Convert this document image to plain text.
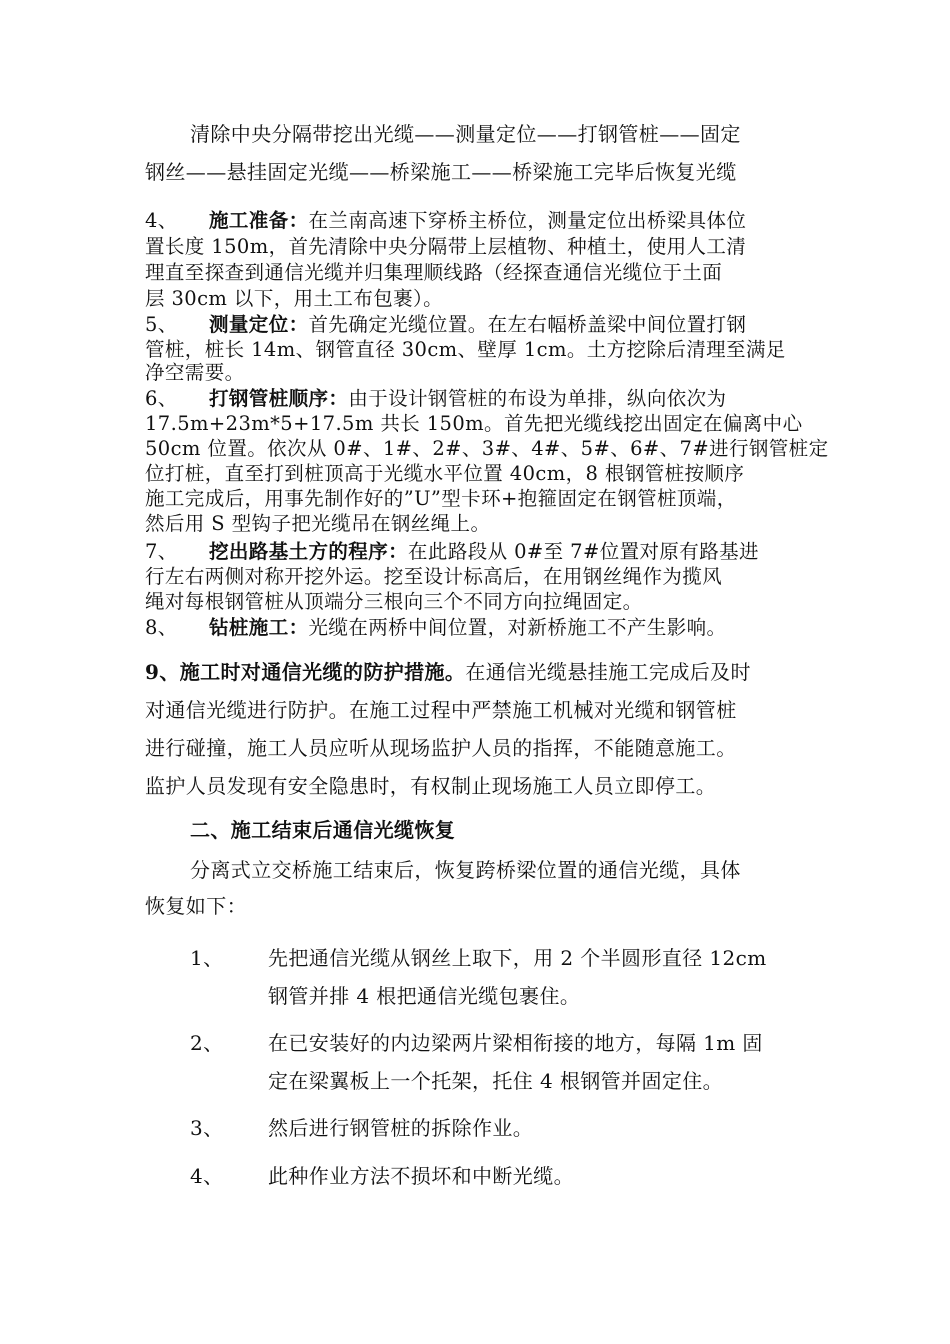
清除中央分隔带挖出光缆——测量定位——打钢管桩——固定
钢丝——悬挂固定光缆——桥梁施工——桥梁施工完毕后恢复光缆
4、 施工准备：在兰南高速下穿桥主桥位，测量定位出桥梁具体位
置长度 150m，首先清除中央分隔带上层植物、种植土，使用人工清
理直至探查到通信光缆并归集理顺线路（经探查通信光缆位于土面
层 30cm 以下，用土工布包裹）。
5、 测量定位：首先确定光缆位置。在左右幅桥盖梁中间位置打钢
管桩，桩长 14m、钢管直径 30cm、壁厚 1cm。土方挖除后清理至满足
净空需要。
6、 打钢管桩顺序：由于设计钢管桩的布设为单排，纵向依次为
17.5m+23m*5+17.5m 共长 150m。首先把光缆线挖出固定在偏离中心
50cm 位置。依次从 0#、1#、2#、3#、4#、5#、6#、7#进行钢管桩定
位打桩，直至打到桩顶高于光缆水平位置 40cm，8 根钢管桩按顺序
施工完成后，用事先制作好的”U”型卡环+抱箍固定在钢管桩顶端，
然后用 S 型钩子把光缆吊在钢丝绳上。
7、 挖出路基土方的程序：在此路段从 0#至 7#位置对原有路基进
行左右两侧对称开挖外运。挖至设计标高后，在用钢丝绳作为揽风
绳对每根钢管桩从顶端分三根向三个不同方向拉绳固定。
8、 钻桩施工：光缆在两桥中间位置，对新桥施工不产生影响。
9、施工时对通信光缆的防护措施。在通信光缆悬挂施工完成后及时
对通信光缆进行防护。在施工过程中严禁施工机械对光缆和钢管桩
进行碰撞，施工人员应听从现场监护人员的指挥，不能随意施工。
监护人员发现有安全隐患时，有权制止现场施工人员立即停工。
二、施工结束后通信光缆恢复
分离式立交桥施工结束后，恢复跨桥梁位置的通信光缆，具体
恢复如下：
1、 先把通信光缆从钢丝上取下，用 2 个半圆形直径 12cm
钢管并排 4 根把通信光缆包裹住。
2、 在已安装好的内边梁两片梁相衔接的地方，每隔 1m 固
定在梁翼板上一个托架，托住 4 根钢管并固定住。
3、 然后进行钢管桩的拆除作业。
4、 此种作业方法不损坏和中断光缆。
